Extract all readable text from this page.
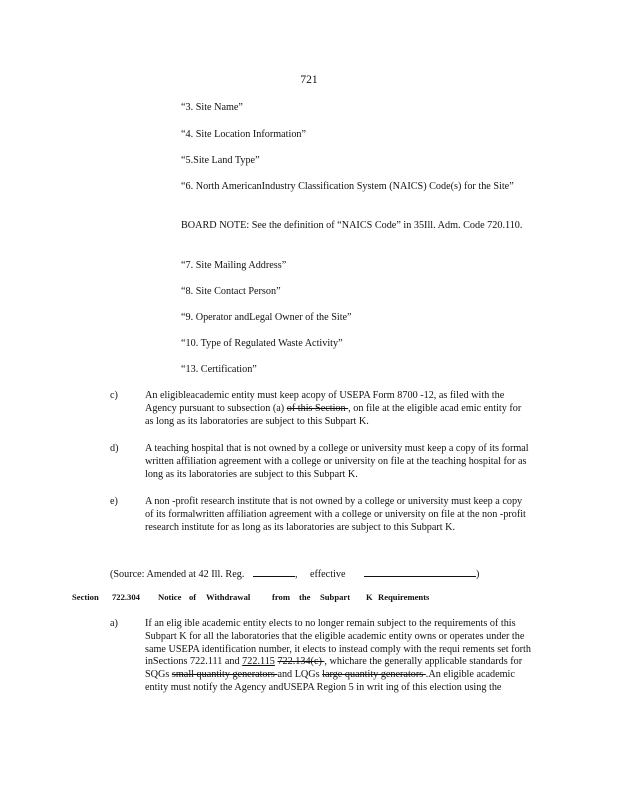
721
“3. Site Name”
“4. Site Location Information”
“5.Site Land Type”
“6. North AmericanIndustry Classification System (NAICS) Code(s) for the Site”
BOARD NOTE: See the definition of “NAICS Code” in 35Ill. Adm. Code 720.110.
“7. Site Mailing Address”
“8. Site Contact Person”
“9. Operator andLegal Owner of the Site”
“10. Type of Regulated Waste Activity”
“13. Certification”
c)	An eligibleacademic entity must keep acopy of USEPA Form 8700 -12, as filed with the Agency pursuant to subsection (a) of this Section , on file at the eligible acad emic entity for as long as its laboratories are subject to this Subpart K.
d)	A teaching hospital that is not owned by a college or university must keep a copy of its formal written affiliation agreement with a college or university on file at the teaching hospital for as long as its laboratories are subject to this Subpart K.
e)	A non -profit research institute that is not owned by a college or university must keep a copy of its formalwritten affiliation agreement with a college or university on file at the non -profit research institute for as long as its laboratories are subject to this Subpart K.
(Source: Amended at 42 Ill. Reg.	, effective	)
Section 722.304 Notice of Withdrawal	from the Subpart K Requirements
a)	If an elig ible academic entity elects to no longer remain subject to the requirements of this Subpart K for all the laboratories that the eligible academic entity owns or operates under the same USEPA identification number, it elects to instead comply with the requi rements set forth inSections 722.111 and 722.115 722.134(c) , whichare the generally applicable standards for SQGs small quantity generators and LQGs large quantity generators .An eligible academic entity must notify the Agency andUSEPA Region 5 in writ ing of this election using the
